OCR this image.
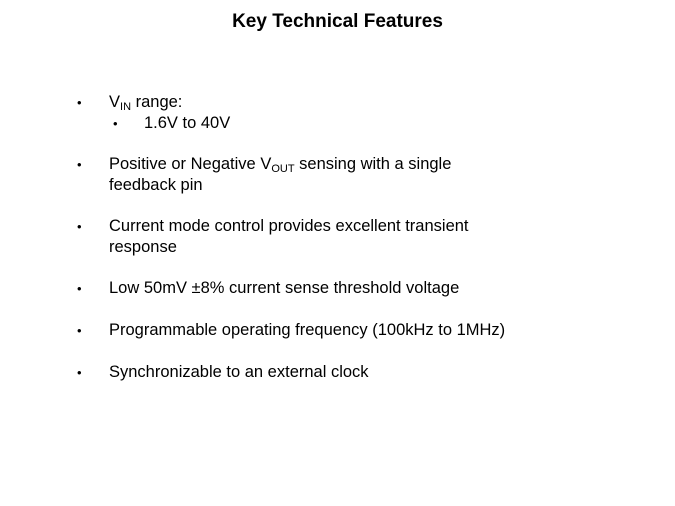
Key Technical Features
•	$V_{IN}$ range:
•	1.6V to 40V
•	Positive or Negative $V_{OUT}$ sensing with a single
feedback pin
•	Current mode control provides excellent transient
response
•	Low 50mV ±8% current sense threshold voltage
•	Programmable operating frequency (100kHz to 1MHz)
•	Synchronizable to an external clock
